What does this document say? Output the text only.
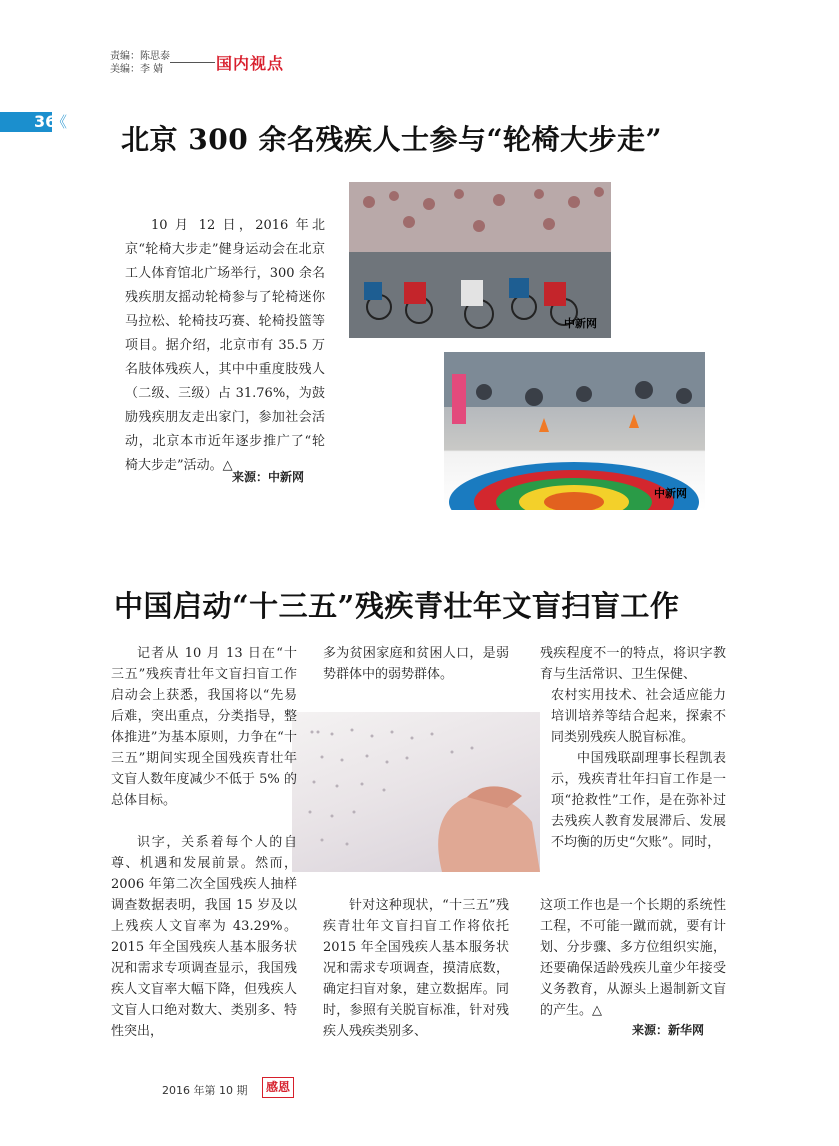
责编：陈思泰
美编：李 婧	国内视点
36
《
北京 300 余名残疾人士参与“轮椅大步走”
10 月 12 日，2016 年北京“轮椅大步走”健身运动会在北京工人体育馆北广场举行，300 余名残疾朋友摇动轮椅参与了轮椅迷你马拉松、轮椅技巧赛、轮椅投篮等项目。据介绍，北京市有 35.5 万名肢体残疾人，其中中重度肢残人（二级、三级）占 31.76%，为鼓励残疾朋友走出家门，参加社会活动，北京本市近年逐步推广了“轮椅大步走”活动。△
来源：中新网
中新网
中新网
中国启动“十三五”残疾青壮年文盲扫盲工作
记者从 10 月 13 日在“十三五”残疾青壮年文盲扫盲工作启动会上获悉，我国将以“先易后难，突出重点，分类指导，整体推进”为基本原则，力争在“十三五”期间实现全国残疾青壮年文盲人数年度减少不低于 5% 的总体目标。
识字，关系着每个人的自尊、机遇和发展前景。然而，2006 年第二次全国残疾人抽样调查数据表明，我国 15 岁及以上残疾人文盲率为 43.29%。2015 年全国残疾人基本服务状况和需求专项调查显示，我国残疾人文盲率大幅下降，但残疾人文盲人口绝对数大、类别多、特性突出，
多为贫困家庭和贫困人口，是弱势群体中的弱势群体。
针对这种现状，“十三五”残疾青壮年文盲扫盲工作将依托 2015 年全国残疾人基本服务状况和需求专项调查，摸清底数，确定扫盲对象，建立数据库。同时，参照有关脱盲标准，针对残疾人残疾类别多、
残疾程度不一的特点，将识字教育与生活常识、卫生保健、
农村实用技术、社会适应能力培训培养等结合起来，探索不同类别残疾人脱盲标准。
中国残联副理事长程凯表示，残疾青壮年扫盲工作是一项“抢救性”工作，是在弥补过去残疾人教育发展滞后、发展不均衡的历史“欠账”。同时，
这项工作也是一个长期的系统性工程，不可能一蹴而就，要有计划、分步骤、多方位组织实施，还要确保适龄残疾儿童少年接受义务教育，从源头上遏制新文盲的产生。△
来源：新华网
2016 年第 10 期	感恩
